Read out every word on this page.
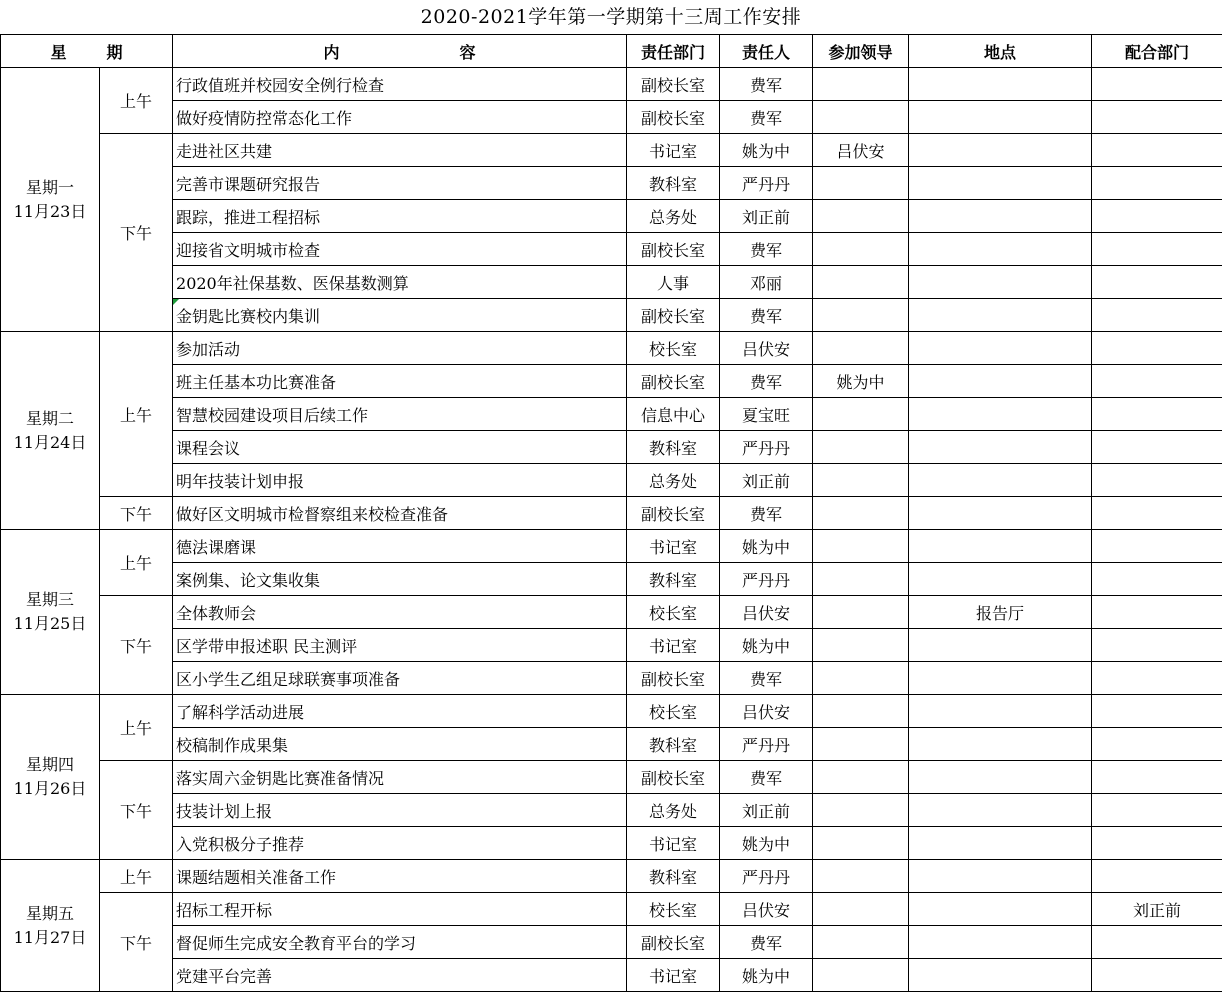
2020-2021学年第一学期第十三周工作安排
星期		内容	责任部门	责任人	参加领导	地点	配合部门

星期一
11月23日	上午	行政值班并校园安全例行检查	副校长室	费军			
		做好疫情防控常态化工作	副校长室	费军			
	下午	走进社区共建	书记室	姚为中	吕伏安		
		完善市课题研究报告	教科室	严丹丹			
		跟踪，推进工程招标	总务处	刘正前			
		迎接省文明城市检查	副校长室	费军			
		2020年社保基数、医保基数测算	人事	邓丽			
		金钥匙比赛校内集训	副校长室	费军			

星期二
11月24日	上午	参加活动	校长室	吕伏安			
		班主任基本功比赛准备	副校长室	费军	姚为中		
		智慧校园建设项目后续工作	信息中心	夏宝旺			
		课程会议	教科室	严丹丹			
		明年技装计划申报	总务处	刘正前			
	下午	做好区文明城市检督察组来校检查准备	副校长室	费军			

星期三
11月25日	上午	德法课磨课	书记室	姚为中			
		案例集、论文集收集	教科室	严丹丹			
	下午	全体教师会	校长室	吕伏安		报告厅	
		区学带申报述职 民主测评	书记室	姚为中			
		区小学生乙组足球联赛事项准备	副校长室	费军			

星期四
11月26日	上午	了解科学活动进展	校长室	吕伏安			
		校稿制作成果集	教科室	严丹丹			
	下午	落实周六金钥匙比赛准备情况	副校长室	费军			
		技装计划上报	总务处	刘正前			
		入党积极分子推荐	书记室	姚为中			

星期五
11月27日	上午	课题结题相关准备工作	教科室	严丹丹			
	下午	招标工程开标	校长室	吕伏安			刘正前
		督促师生完成安全教育平台的学习	副校长室	费军			
		党建平台完善	书记室	姚为中			
